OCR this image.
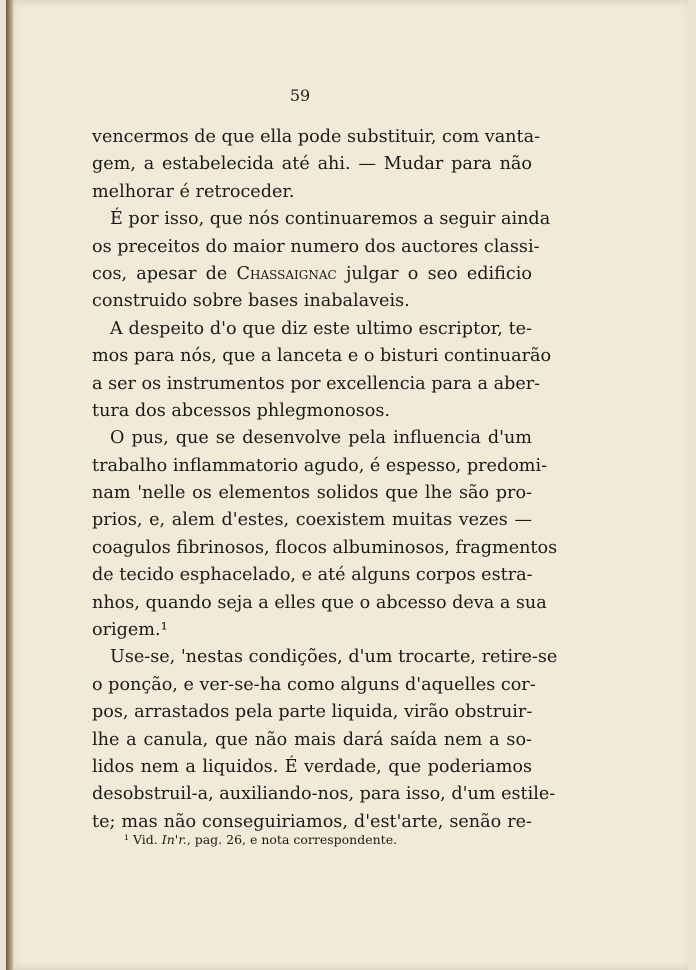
59
vencermos de que ella pode substituir, com vanta-
gem, a estabelecida até ahi. — Mudar para não
melhorar é retroceder.
É por isso, que nós continuaremos a seguir ainda
os preceitos do maior numero dos auctores classi-
cos, apesar de Chassaignac julgar o seo edificio
construido sobre bases inabalaveis.
A despeito d'o que diz este ultimo escriptor, te-
mos para nós, que a lanceta e o bisturi continuarão
a ser os instrumentos por excellencia para a aber-
tura dos abcessos phlegmonosos.
O pus, que se desenvolve pela influencia d'um
trabalho inflammatorio agudo, é espesso, predomi-
nam 'nelle os elementos solidos que lhe são pro-
prios, e, alem d'estes, coexistem muitas vezes —
coagulos fibrinosos, flocos albuminosos, fragmentos
de tecido esphacelado, e até alguns corpos estra-
nhos, quando seja a elles que o abcesso deva a sua
origem.¹
Use-se, 'nestas condições, d'um trocarte, retire-se
o ponção, e ver-se-ha como alguns d'aquelles cor-
pos, arrastados pela parte liquida, virão obstruir-
lhe a canula, que não mais dará saída nem a so-
lidos nem a liquidos. É verdade, que poderiamos
desobstruil-a, auxiliando-nos, para isso, d'um estile-
te; mas não conseguiriamos, d'est'arte, senão re-
¹ Vid. In'r., pag. 26, e nota correspondente.
